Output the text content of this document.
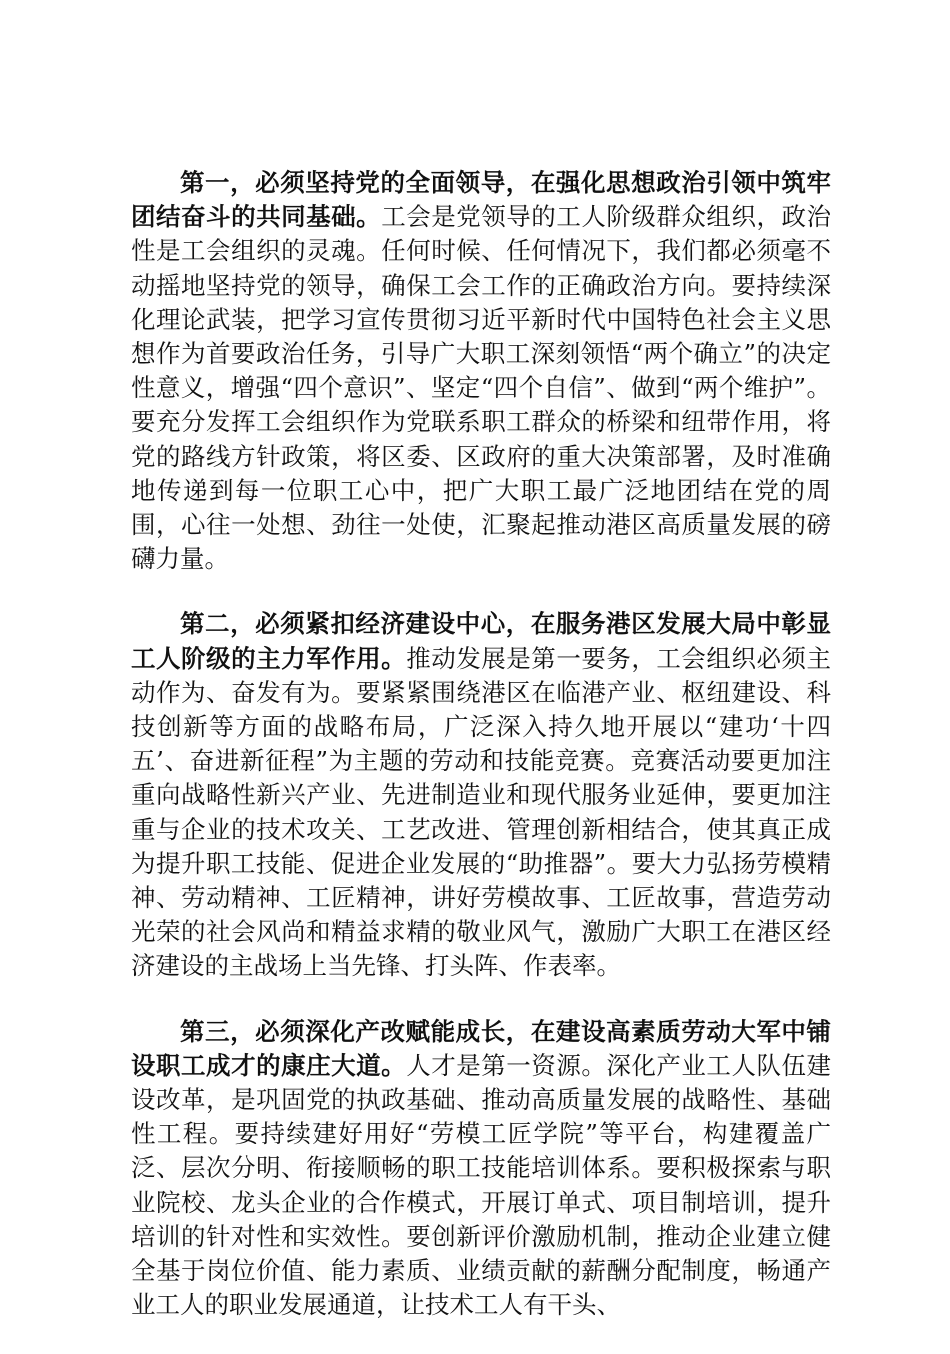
第一，必须坚持党的全面领导，在强化思想政治引领中筑牢团结奋斗的共同基础。工会是党领导的工人阶级群众组织，政治性是工会组织的灵魂。任何时候、任何情况下，我们都必须毫不动摇地坚持党的领导，确保工会工作的正确政治方向。要持续深化理论武装，把学习宣传贯彻习近平新时代中国特色社会主义思想作为首要政治任务，引导广大职工深刻领悟“两个确立”的决定性意义，增强“四个意识”、坚定“四个自信”、做到“两个维护”。要充分发挥工会组织作为党联系职工群众的桥梁和纽带作用，将党的路线方针政策，将区委、区政府的重大决策部署，及时准确地传递到每一位职工心中，把广大职工最广泛地团结在党的周围，心往一处想、劲往一处使，汇聚起推动港区高质量发展的磅礴力量。

第二，必须紧扣经济建设中心，在服务港区发展大局中彰显工人阶级的主力军作用。推动发展是第一要务，工会组织必须主动作为、奋发有为。要紧紧围绕港区在临港产业、枢纽建设、科技创新等方面的战略布局，广泛深入持久地开展以“建功‘十四五’、奋进新征程”为主题的劳动和技能竞赛。竞赛活动要更加注重向战略性新兴产业、先进制造业和现代服务业延伸，要更加注重与企业的技术攻关、工艺改进、管理创新相结合，使其真正成为提升职工技能、促进企业发展的“助推器”。要大力弘扬劳模精神、劳动精神、工匠精神，讲好劳模故事、工匠故事，营造劳动光荣的社会风尚和精益求精的敬业风气，激励广大职工在港区经济建设的主战场上当先锋、打头阵、作表率。

第三，必须深化产改赋能成长，在建设高素质劳动大军中铺设职工成才的康庄大道。人才是第一资源。深化产业工人队伍建设改革，是巩固党的执政基础、推动高质量发展的战略性、基础性工程。要持续建好用好“劳模工匠学院”等平台，构建覆盖广泛、层次分明、衔接顺畅的职工技能培训体系。要积极探索与职业院校、龙头企业的合作模式，开展订单式、项目制培训，提升培训的针对性和实效性。要创新评价激励机制，推动企业建立健全基于岗位价值、能力素质、业绩贡献的薪酬分配制度，畅通产业工人的职业发展通道，让技术工人有干头、
